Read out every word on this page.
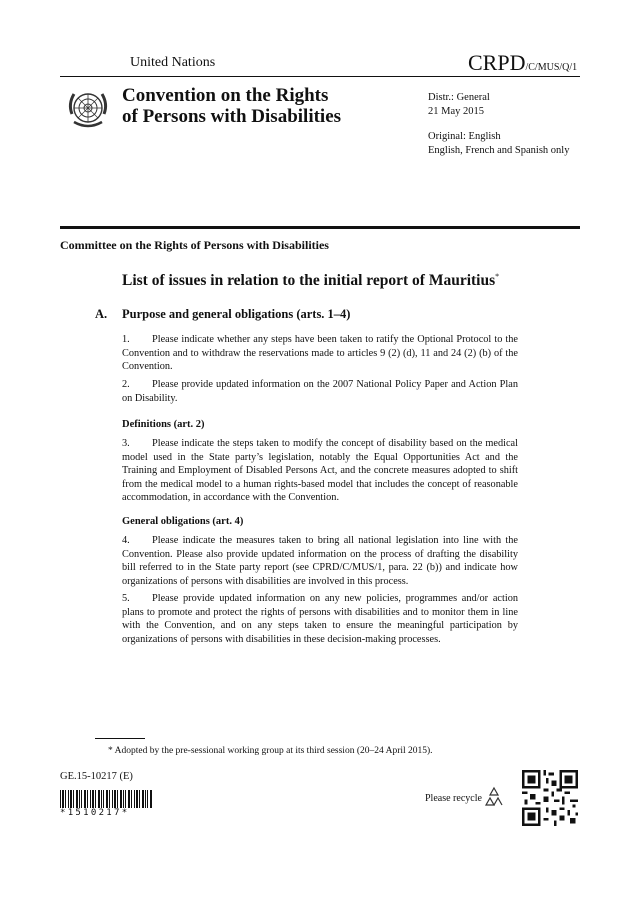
United Nations	CRPD/C/MUS/Q/1
Convention on the Rights
of Persons with Disabilities
Distr.: General
21 May 2015
Original: English
English, French and Spanish only
Committee on the Rights of Persons with Disabilities
List of issues in relation to the initial report of Mauritius*
A. Purpose and general obligations (arts. 1–4)
1. Please indicate whether any steps have been taken to ratify the Optional Protocol to the Convention and to withdraw the reservations made to articles 9 (2) (d), 11 and 24 (2) (b) of the Convention.
2. Please provide updated information on the 2007 National Policy Paper and Action Plan on Disability.
Definitions (art. 2)
3. Please indicate the steps taken to modify the concept of disability based on the medical model used in the State party’s legislation, notably the Equal Opportunities Act and the Training and Employment of Disabled Persons Act, and the concrete measures adopted to shift from the medical model to a human rights-based model that includes the concept of reasonable accommodation, in accordance with the Convention.
General obligations (art. 4)
4. Please indicate the measures taken to bring all national legislation into line with the Convention. Please also provide updated information on the process of drafting the disability bill referred to in the State party report (see CPRD/C/MUS/1, para. 22 (b)) and indicate how organizations of persons with disabilities are involved in this process.
5. Please provide updated information on any new policies, programmes and/or action plans to promote and protect the rights of persons with disabilities and to monitor them in line with the Convention, and on any steps taken to ensure the meaningful participation by organizations of persons with disabilities in these decision-making processes.
* Adopted by the pre-sessional working group at its third session (20–24 April 2015).
GE.15-10217 (E)
*1510217*
Please recycle
